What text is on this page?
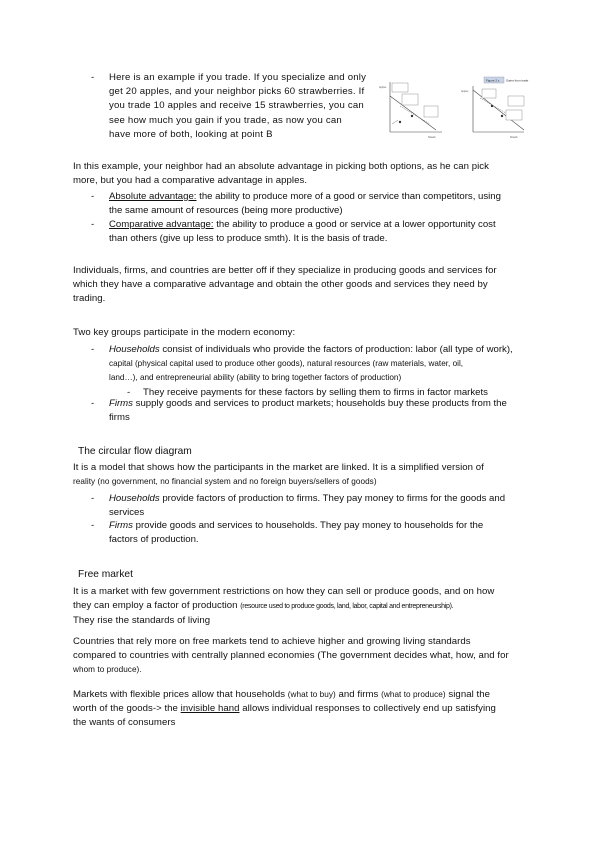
- Here is an example if you trade. If you specialize and only
get 20 apples, and your neighbor picks 60 strawberries. If
you trade 10 apples and receive 15 strawberries, you can
see how much you gain if you trade, as now you can
have more of both, looking at point B
Apples
Strawb.
Figure 2.x Gains from trade
Apples
Strawb.
In this example, your neighbor had an absolute advantage in picking both options, as he can pick
more, but you had a comparative advantage in apples.
- Absolute advantage: the ability to produce more of a good or service than competitors, using
the same amount of resources (being more productive)
- Comparative advantage: the ability to produce a good or service at a lower opportunity cost
than others (give up less to produce smth). It is the basis of trade.
Individuals, firms, and countries are better off if they specialize in producing goods and services for
which they have a comparative advantage and obtain the other goods and services they need by
trading.
Two key groups participate in the modern economy:
- Households consist of individuals who provide the factors of production: labor (all type of work),
capital (physical capital used to produce other goods), natural resources (raw materials, water, oil,
land…), and entrepreneurial ability (ability to bring together factors of production)
- They receive payments for these factors by selling them to firms in factor markets
- Firms supply goods and services to product markets; households buy these products from the
firms
The circular flow diagram
It is a model that shows how the participants in the market are linked. It is a simplified version of
reality (no government, no financial system and no foreign buyers/sellers of goods)
- Households provide factors of production to firms. They pay money to firms for the goods and
services
- Firms provide goods and services to households. They pay money to households for the
factors of production.
Free market
It is a market with few government restrictions on how they can sell or produce goods, and on how
they can employ a factor of production (resource used to produce goods, land, labor, capital and entrepreneurship).
They rise the standards of living
Countries that rely more on free markets tend to achieve higher and growing living standards
compared to countries with centrally planned economies (The government decides what, how, and for
whom to produce).
Markets with flexible prices allow that households (what to buy) and firms (what to produce) signal the
worth of the goods-> the invisible hand allows individual responses to collectively end up satisfying
the wants of consumers
